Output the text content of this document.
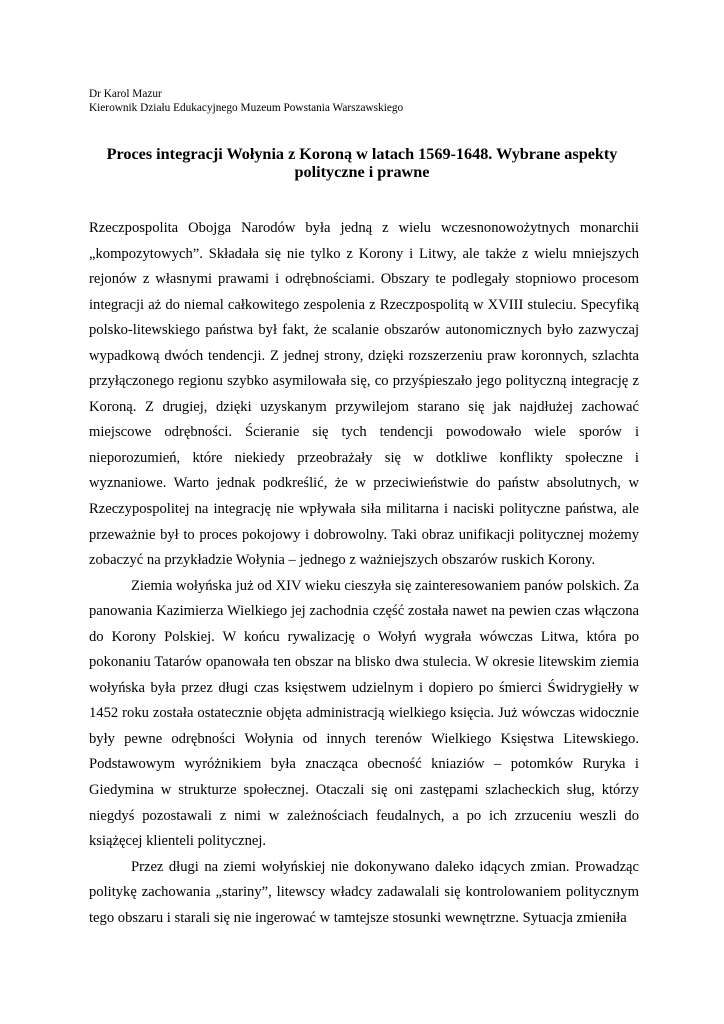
Dr Karol Mazur
Kierownik Działu Edukacyjnego Muzeum Powstania Warszawskiego
Proces integracji Wołynia z Koroną w latach 1569-1648. Wybrane aspekty polityczne i prawne

Rzeczpospolita Obojga Narodów była jedną z wielu wczesnonowożytnych monarchii „kompozytowych”. Składała się nie tylko z Korony i Litwy, ale także z wielu mniejszych rejonów z własnymi prawami i odrębnościami. Obszary te podlegały stopniowo procesom integracji aż do niemal całkowitego zespolenia z Rzeczpospolitą w XVIII stuleciu. Specyfiką polsko-litewskiego państwa był fakt, że scalanie obszarów autonomicznych było zazwyczaj wypadkową dwóch tendencji. Z jednej strony, dzięki rozszerzeniu praw koronnych, szlachta przyłączonego regionu szybko asymilowała się, co przyśpieszało jego polityczną integrację z Koroną. Z drugiej, dzięki uzyskanym przywilejom starano się jak najdłużej zachować miejscowe odrębności. Ścieranie się tych tendencji powodowało wiele sporów i nieporozumień, które niekiedy przeobrażały się w dotkliwe konflikty społeczne i wyznaniowe. Warto jednak podkreślić, że w przeciwieństwie do państw absolutnych, w Rzeczypospolitej na integrację nie wpływała siła militarna i naciski polityczne państwa, ale przeważnie był to proces pokojowy i dobrowolny. Taki obraz unifikacji politycznej możemy zobaczyć na przykładzie Wołynia – jednego z ważniejszych obszarów ruskich Korony.

Ziemia wołyńska już od XIV wieku cieszyła się zainteresowaniem panów polskich. Za panowania Kazimierza Wielkiego jej zachodnia część została nawet na pewien czas włączona do Korony Polskiej. W końcu rywalizację o Wołyń wygrała wówczas Litwa, która po pokonaniu Tatarów opanowała ten obszar na blisko dwa stulecia. W okresie litewskim ziemia wołyńska była przez długi czas księstwem udzielnym i dopiero po śmierci Świdrygiełły w 1452 roku została ostatecznie objęta administracją wielkiego księcia. Już wówczas widocznie były pewne odrębności Wołynia od innych terenów Wielkiego Księstwa Litewskiego. Podstawowym wyróżnikiem była znacząca obecność kniaziów – potomków Ruryka i Giedymina w strukturze społecznej. Otaczali się oni zastępami szlacheckich sług, którzy niegdyś pozostawali z nimi w zależnościach feudalnych, a po ich zrzuceniu weszli do książęcej klienteli politycznej.

Przez długi na ziemi wołyńskiej nie dokonywano daleko idących zmian. Prowadząc politykę zachowania „stariny”, litewscy władcy zadawalali się kontrolowaniem politycznym tego obszaru i starali się nie ingerować w tamtejsze stosunki wewnętrzne. Sytuacja zmieniła
